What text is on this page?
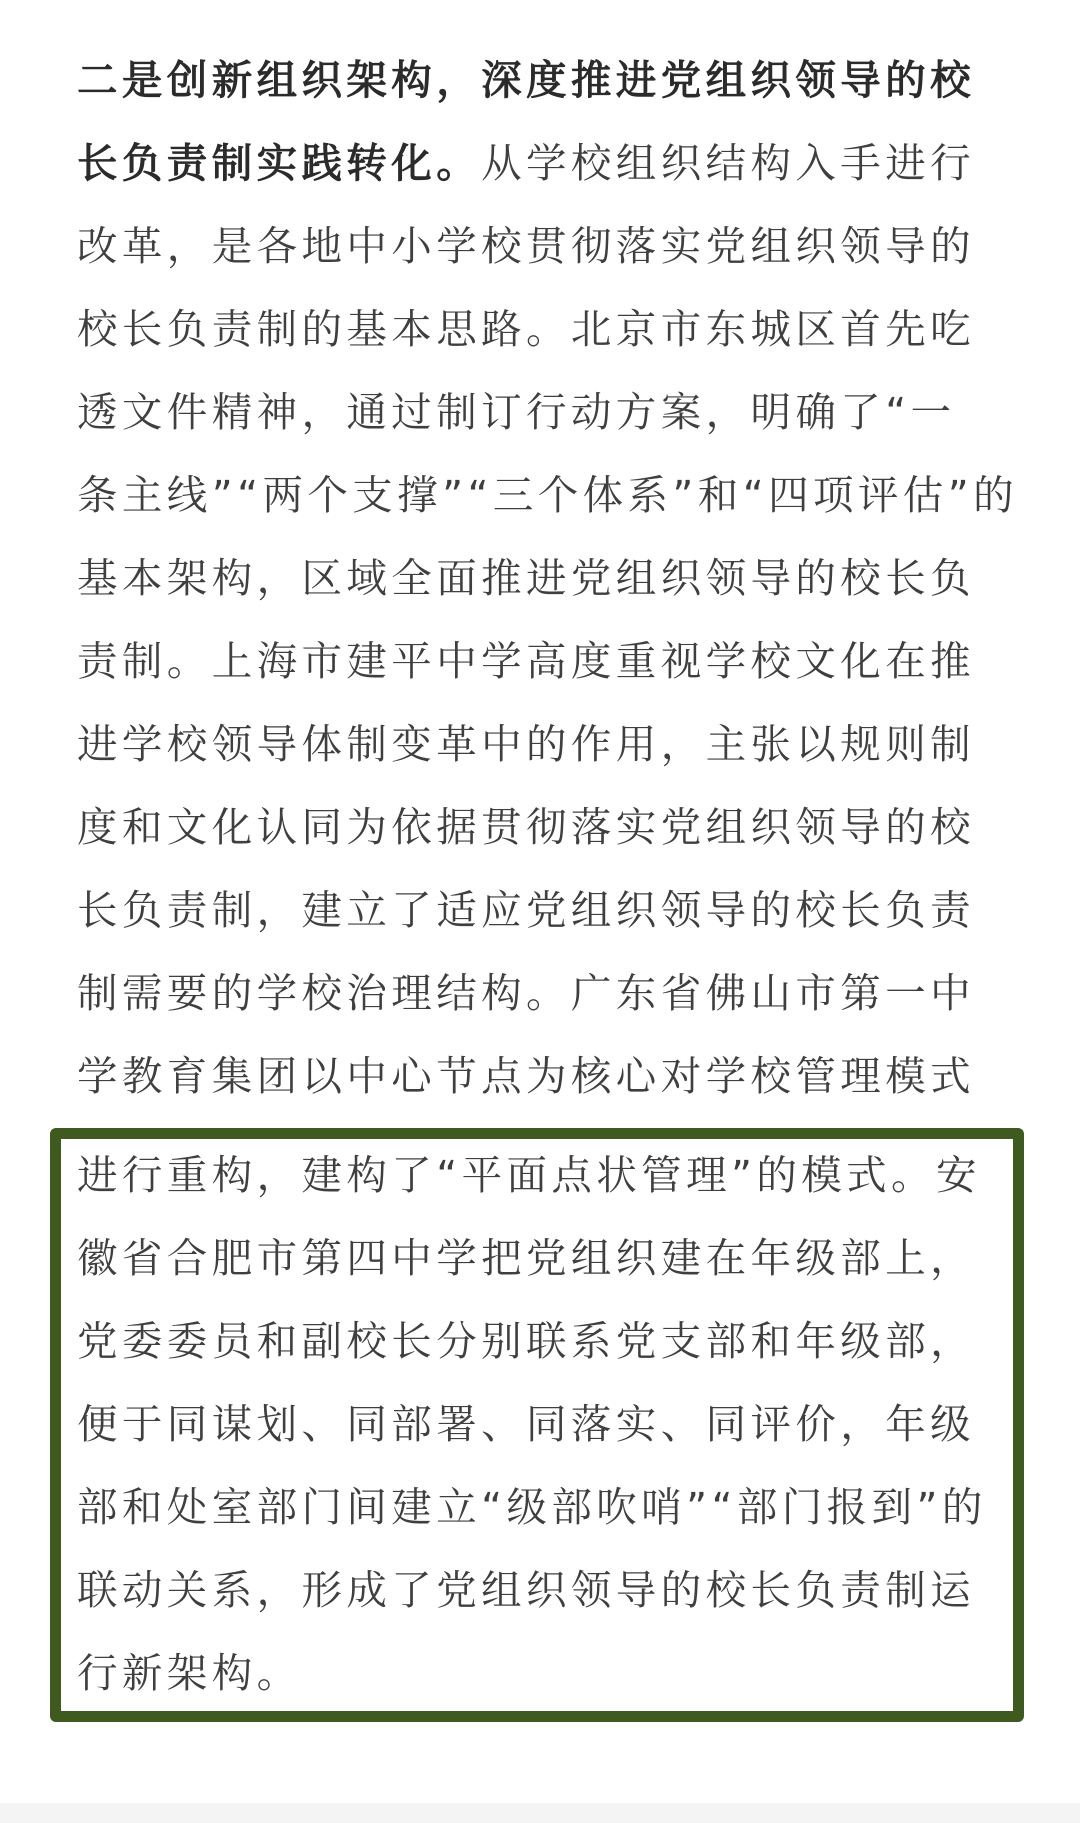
二是创新组织架构，深度推进党组织领导的校
长负责制实践转化。从学校组织结构入手进行
改革，是各地中小学校贯彻落实党组织领导的
校长负责制的基本思路。北京市东城区首先吃
透文件精神，通过制订行动方案，明确了“一
条主线”“两个支撑”“三个体系”和“四项评估”的
基本架构，区域全面推进党组织领导的校长负
责制。上海市建平中学高度重视学校文化在推
进学校领导体制变革中的作用，主张以规则制
度和文化认同为依据贯彻落实党组织领导的校
长负责制，建立了适应党组织领导的校长负责
制需要的学校治理结构。广东省佛山市第一中
学教育集团以中心节点为核心对学校管理模式
进行重构，建构了“平面点状管理”的模式。安
徽省合肥市第四中学把党组织建在年级部上，
党委委员和副校长分别联系党支部和年级部，
便于同谋划、同部署、同落实、同评价，年级
部和处室部门间建立“级部吹哨”“部门报到”的
联动关系，形成了党组织领导的校长负责制运
行新架构。
